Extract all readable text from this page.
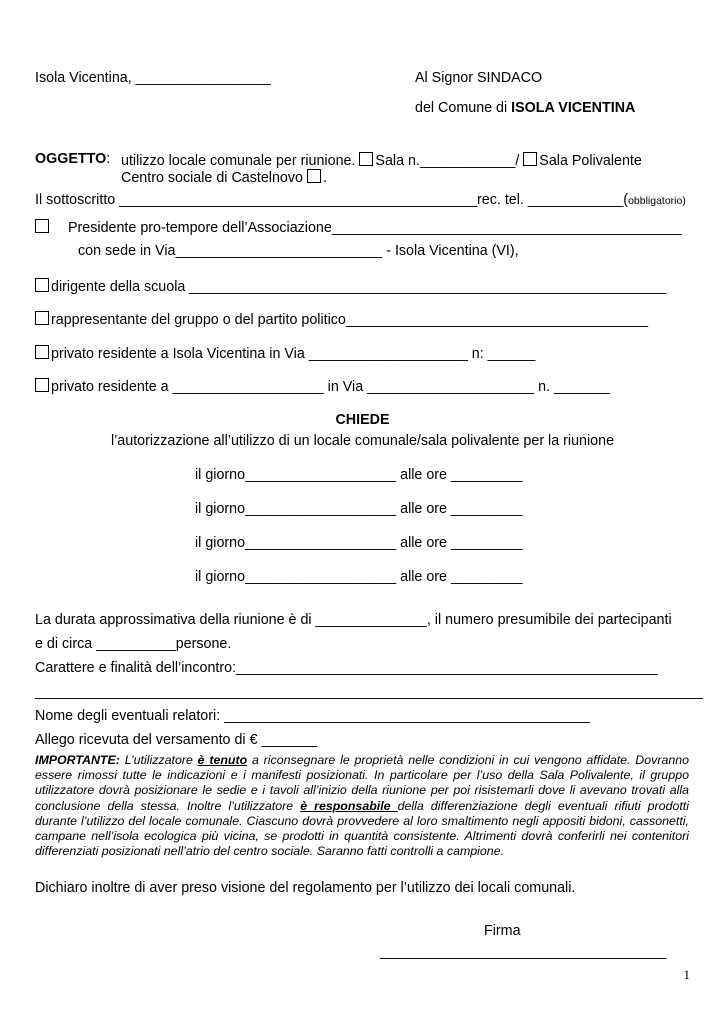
Isola Vicentina, _________________	Al Signor SINDACO
del Comune di ISOLA VICENTINA
OGGETTO: utilizzo locale comunale per riunione. Sala n.____________/ Sala Polivalente
Centro sociale di Castelnovo .
Il sottoscritto _____________________________________________rec. tel. ____________(obbligatorio)
Presidente pro-tempore dell’Associazione____________________________________________
con sede in Via__________________________ - Isola Vicentina (VI),
dirigente della scuola ____________________________________________________________
rappresentante del gruppo o del partito politico______________________________________
privato residente a Isola Vicentina in Via ____________________ n: ______
privato residente a ___________________ in Via _____________________ n. _______
CHIEDE
l’autorizzazione all’utilizzo di un locale comunale/sala polivalente per la riunione
il giorno___________________ alle ore _________
il giorno___________________ alle ore _________
il giorno___________________ alle ore _________
il giorno___________________ alle ore _________
La durata approssimativa della riunione è di ______________, il numero presumibile dei partecipanti
e di circa __________persone.
Carattere e finalità dell’incontro:_____________________________________________________
____________________________________________________________________________________
Nome degli eventuali relatori: ______________________________________________
Allego ricevuta del versamento di € _______
IMPORTANTE: L’utilizzatore è tenuto a riconsegnare le proprietà nelle condizioni in cui vengono affidate. Dovranno essere rimossi tutte le indicazioni e i manifesti posizionati. In particolare per l’uso della Sala Polivalente, il gruppo utilizzatore dovrà posizionare le sedie e i tavoli all’inizio della riunione per poi risistemarli dove li avevano trovati alla conclusione della stessa. Inoltre l’utilizzatore è responsabile della differenziazione degli eventuali rifiuti prodotti durante l’utilizzo del locale comunale. Ciascuno dovrà provvedere al loro smaltimento negli appositi bidoni, cassonetti, campane nell’isola ecologica più vicina, se prodotti in quantità consistente. Altrimenti dovrà conferirli nei contenitori differenziati posizionati nell’atrio del centro sociale. Saranno fatti controlli a campione.
Dichiaro inoltre di aver preso visione del regolamento per l’utilizzo dei locali comunali.
Firma
____________________________________
1
